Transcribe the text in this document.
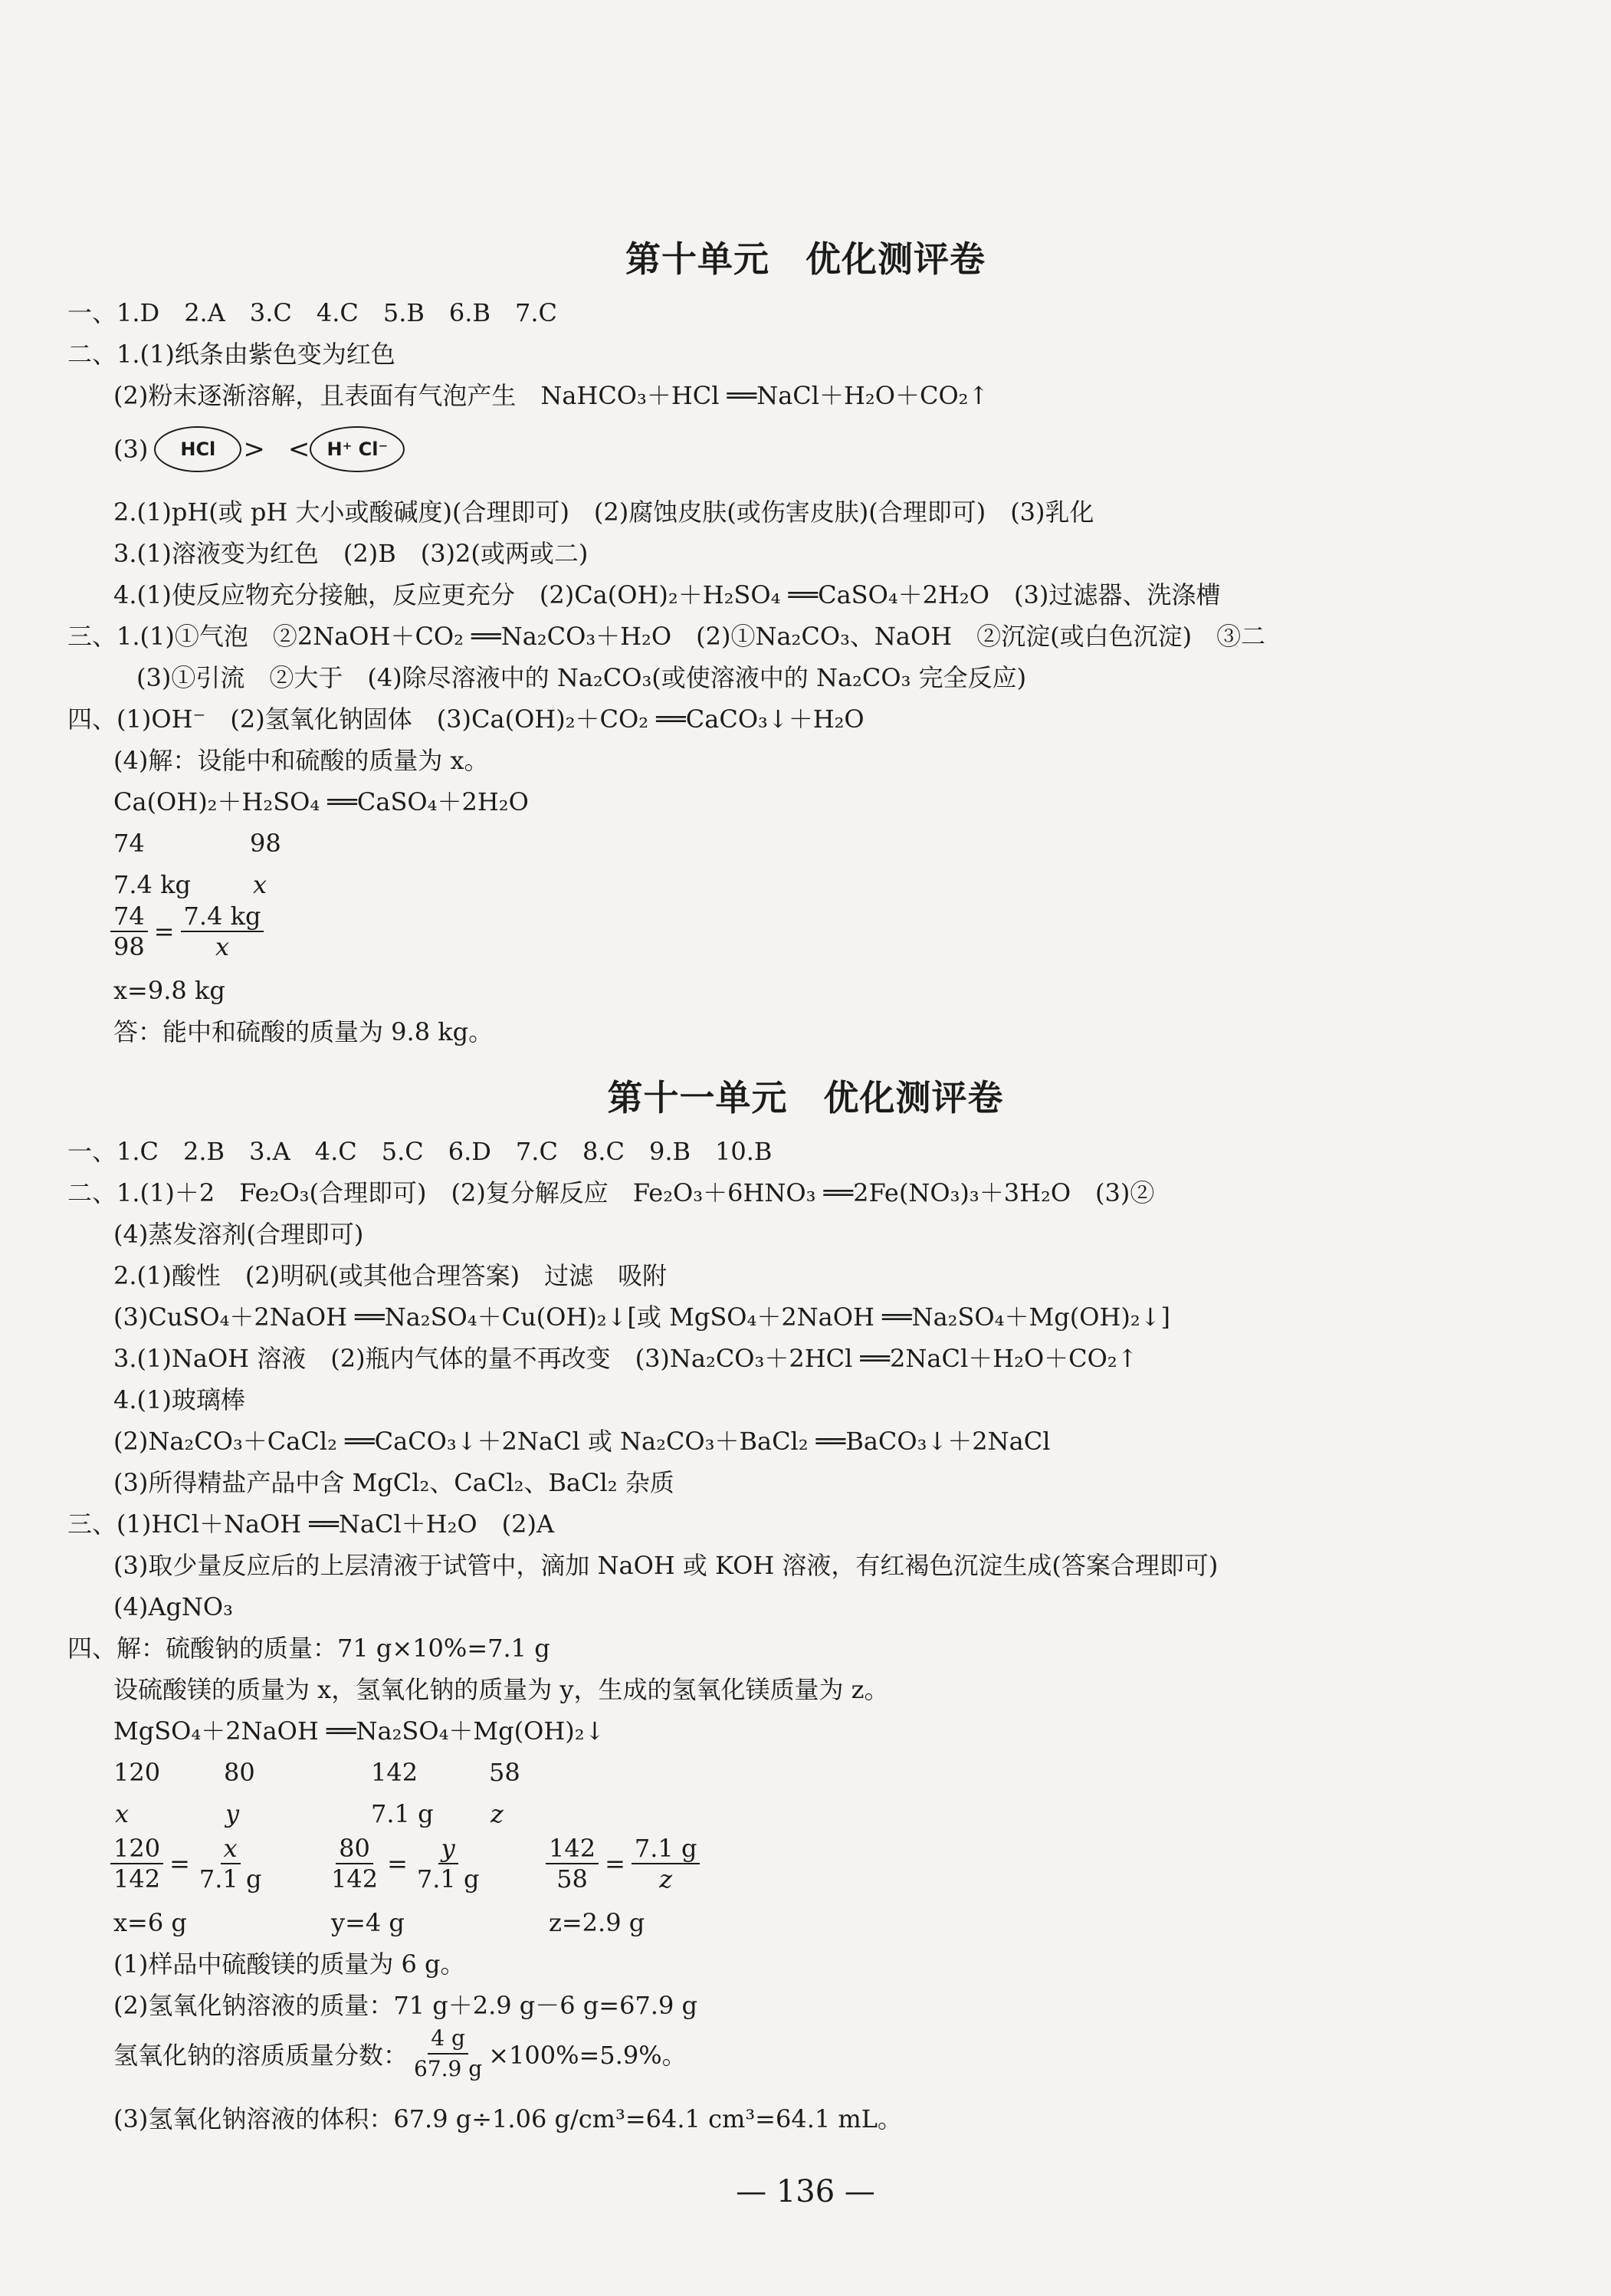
第十单元　优化测评卷
一、1.D　2.A　3.C　4.C　5.B　6.B　7.C
二、1.(1)纸条由紫色变为红色
(2)粉末逐渐溶解，且表面有气泡产生　NaHCO₃＋HCl ══NaCl＋H₂O＋CO₂↑
(3)	HCl	> < H⁺ Cl⁻
2.(1)pH(或 pH 大小或酸碱度)(合理即可)　(2)腐蚀皮肤(或伤害皮肤)(合理即可)　(3)乳化
3.(1)溶液变为红色　(2)B　(3)2(或两或二)
4.(1)使反应物充分接触，反应更充分　(2)Ca(OH)₂＋H₂SO₄ ══CaSO₄＋2H₂O　(3)过滤器、洗涤槽
三、1.(1)①气泡　②2NaOH＋CO₂ ══Na₂CO₃＋H₂O　(2)①Na₂CO₃、NaOH　②沉淀(或白色沉淀)　③二
(3)①引流　②大于　(4)除尽溶液中的 Na₂CO₃(或使溶液中的 Na₂CO₃ 完全反应)
四、(1)OH⁻　(2)氢氧化钠固体　(3)Ca(OH)₂＋CO₂ ══CaCO₃↓＋H₂O
(4)解：设能中和硫酸的质量为 x。
Ca(OH)₂＋H₂SO₄ ══CaSO₄＋2H₂O
74	98
7.4 kg	x
$\frac{74}{98} = \frac{7.4 kg}{x}$
x=9.8 kg
答：能中和硫酸的质量为 9.8 kg。
第十一单元　优化测评卷
一、1.C　2.B　3.A　4.C　5.C　6.D　7.C　8.C　9.B　10.B
二、1.(1)＋2　Fe₂O₃(合理即可)　(2)复分解反应　Fe₂O₃＋6HNO₃ ══2Fe(NO₃)₃＋3H₂O　(3)②
(4)蒸发溶剂(合理即可)
2.(1)酸性　(2)明矾(或其他合理答案)　过滤　吸附
(3)CuSO₄＋2NaOH ══Na₂SO₄＋Cu(OH)₂↓[或 MgSO₄＋2NaOH ══Na₂SO₄＋Mg(OH)₂↓]
3.(1)NaOH 溶液　(2)瓶内气体的量不再改变　(3)Na₂CO₃＋2HCl ══2NaCl＋H₂O＋CO₂↑
4.(1)玻璃棒
(2)Na₂CO₃＋CaCl₂ ══CaCO₃↓＋2NaCl 或 Na₂CO₃＋BaCl₂ ══BaCO₃↓＋2NaCl
(3)所得精盐产品中含 MgCl₂、CaCl₂、BaCl₂ 杂质
三、(1)HCl＋NaOH ══NaCl＋H₂O　(2)A
(3)取少量反应后的上层清液于试管中，滴加 NaOH 或 KOH 溶液，有红褐色沉淀生成(答案合理即可)
(4)AgNO₃
四、解：硫酸钠的质量：71 g×10%=7.1 g
设硫酸镁的质量为 x，氢氧化钠的质量为 y，生成的氢氧化镁质量为 z。
MgSO₄＋2NaOH ══Na₂SO₄＋Mg(OH)₂↓
120	80	142	58
x	y	7.1 g z
$\frac{120}{142} = \frac{x}{7.1 g}$	$\frac{80}{142} = \frac{y}{7.1 g}$	$\frac{142}{58} = \frac{7.1 g}{z}$
x=6 g	y=4 g	z=2.9 g
(1)样品中硫酸镁的质量为 6 g。
(2)氢氧化钠溶液的质量：71 g＋2.9 g－6 g=67.9 g
氢氧化钠的溶质质量分数： $\frac{4 g}{67.9 g} \times 100\%=5.9\%$。
(3)氢氧化钠溶液的体积：67.9 g÷1.06 g/cm³=64.1 cm³=64.1 mL。
— 136 —
